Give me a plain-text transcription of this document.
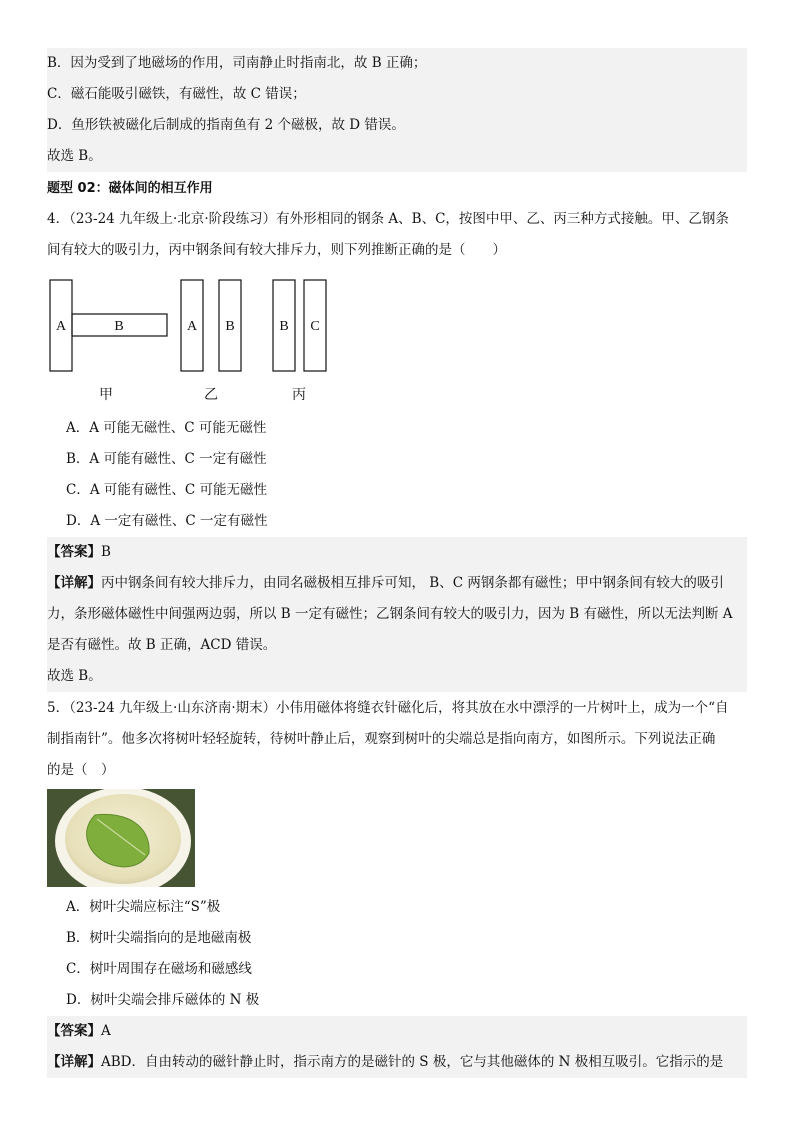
B．因为受到了地磁场的作用，司南静止时指南北，故 B 正确；
C．磁石能吸引磁铁，有磁性，故 C 错误；
D．鱼形铁被磁化后制成的指南鱼有 2 个磁极，故 D 错误。
故选 B。
题型 02：磁体间的相互作用
4．（23-24 九年级上·北京·阶段练习）有外形相同的钢条 A、B、C，按图中甲、乙、丙三种方式接触。甲、乙钢条
间有较大的吸引力，丙中钢条间有较大排斥力，则下列推断正确的是（　　）
A	B
甲
A B
乙
B C
丙
A．A 可能无磁性、C 可能无磁性
B．A 可能有磁性、C 一定有磁性
C．A 可能有磁性、C 可能无磁性
D．A 一定有磁性、C 一定有磁性
【答案】B
【详解】丙中钢条间有较大排斥力，由同名磁极相互排斥可知， B、C 两钢条都有磁性；甲中钢条间有较大的吸引
力，条形磁体磁性中间强两边弱，所以 B 一定有磁性；乙钢条间有较大的吸引力，因为 B 有磁性，所以无法判断 A
是否有磁性。故 B 正确，ACD 错误。
故选 B。
5．（23-24 九年级上·山东济南·期末）小伟用磁体将缝衣针磁化后，将其放在水中漂浮的一片树叶上，成为一个“自
制指南针”。他多次将树叶轻轻旋转，待树叶静止后，观察到树叶的尖端总是指向南方，如图所示。下列说法正确
的是（　）
A．树叶尖端应标注“S”极
B．树叶尖端指向的是地磁南极
C．树叶周围存在磁场和磁感线
D．树叶尖端会排斥磁体的 N 极
【答案】A
【详解】ABD．自由转动的磁针静止时，指示南方的是磁针的 S 极，它与其他磁体的 N 极相互吸引。它指示的是
